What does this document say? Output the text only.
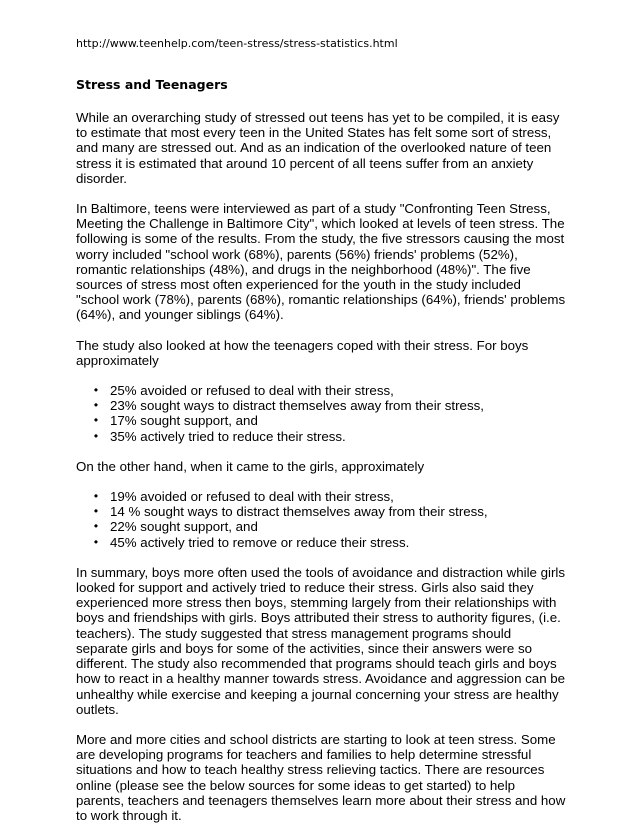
http://www.teenhelp.com/teen-stress/stress-statistics.html
Stress and Teenagers

While an overarching study of stressed out teens has yet to be compiled, it is easy to estimate that most every teen in the United States has felt some sort of stress, and many are stressed out. And as an indication of the overlooked nature of teen stress it is estimated that around 10 percent of all teens suffer from an anxiety disorder.

In Baltimore, teens were interviewed as part of a study "Confronting Teen Stress, Meeting the Challenge in Baltimore City", which looked at levels of teen stress. The following is some of the results. From the study, the five stressors causing the most worry included "school work (68%), parents (56%) friends' problems (52%), romantic relationships (48%), and drugs in the neighborhood (48%)". The five sources of stress most often experienced for the youth in the study included "school work (78%), parents (68%), romantic relationships (64%), friends' problems (64%), and younger siblings (64%).

The study also looked at how the teenagers coped with their stress. For boys approximately

• 25% avoided or refused to deal with their stress,
• 23% sought ways to distract themselves away from their stress,
• 17% sought support, and
• 35% actively tried to reduce their stress.

On the other hand, when it came to the girls, approximately

• 19% avoided or refused to deal with their stress,
• 14 % sought ways to distract themselves away from their stress,
• 22% sought support, and
• 45% actively tried to remove or reduce their stress.

In summary, boys more often used the tools of avoidance and distraction while girls looked for support and actively tried to reduce their stress. Girls also said they experienced more stress then boys, stemming largely from their relationships with boys and friendships with girls. Boys attributed their stress to authority figures, (i.e. teachers). The study suggested that stress management programs should separate girls and boys for some of the activities, since their answers were so different. The study also recommended that programs should teach girls and boys how to react in a healthy manner towards stress. Avoidance and aggression can be unhealthy while exercise and keeping a journal concerning your stress are healthy outlets.

More and more cities and school districts are starting to look at teen stress. Some are developing programs for teachers and families to help determine stressful situations and how to teach healthy stress relieving tactics. There are resources online (please see the below sources for some ideas to get started) to help parents, teachers and teenagers themselves learn more about their stress and how to work through it.
